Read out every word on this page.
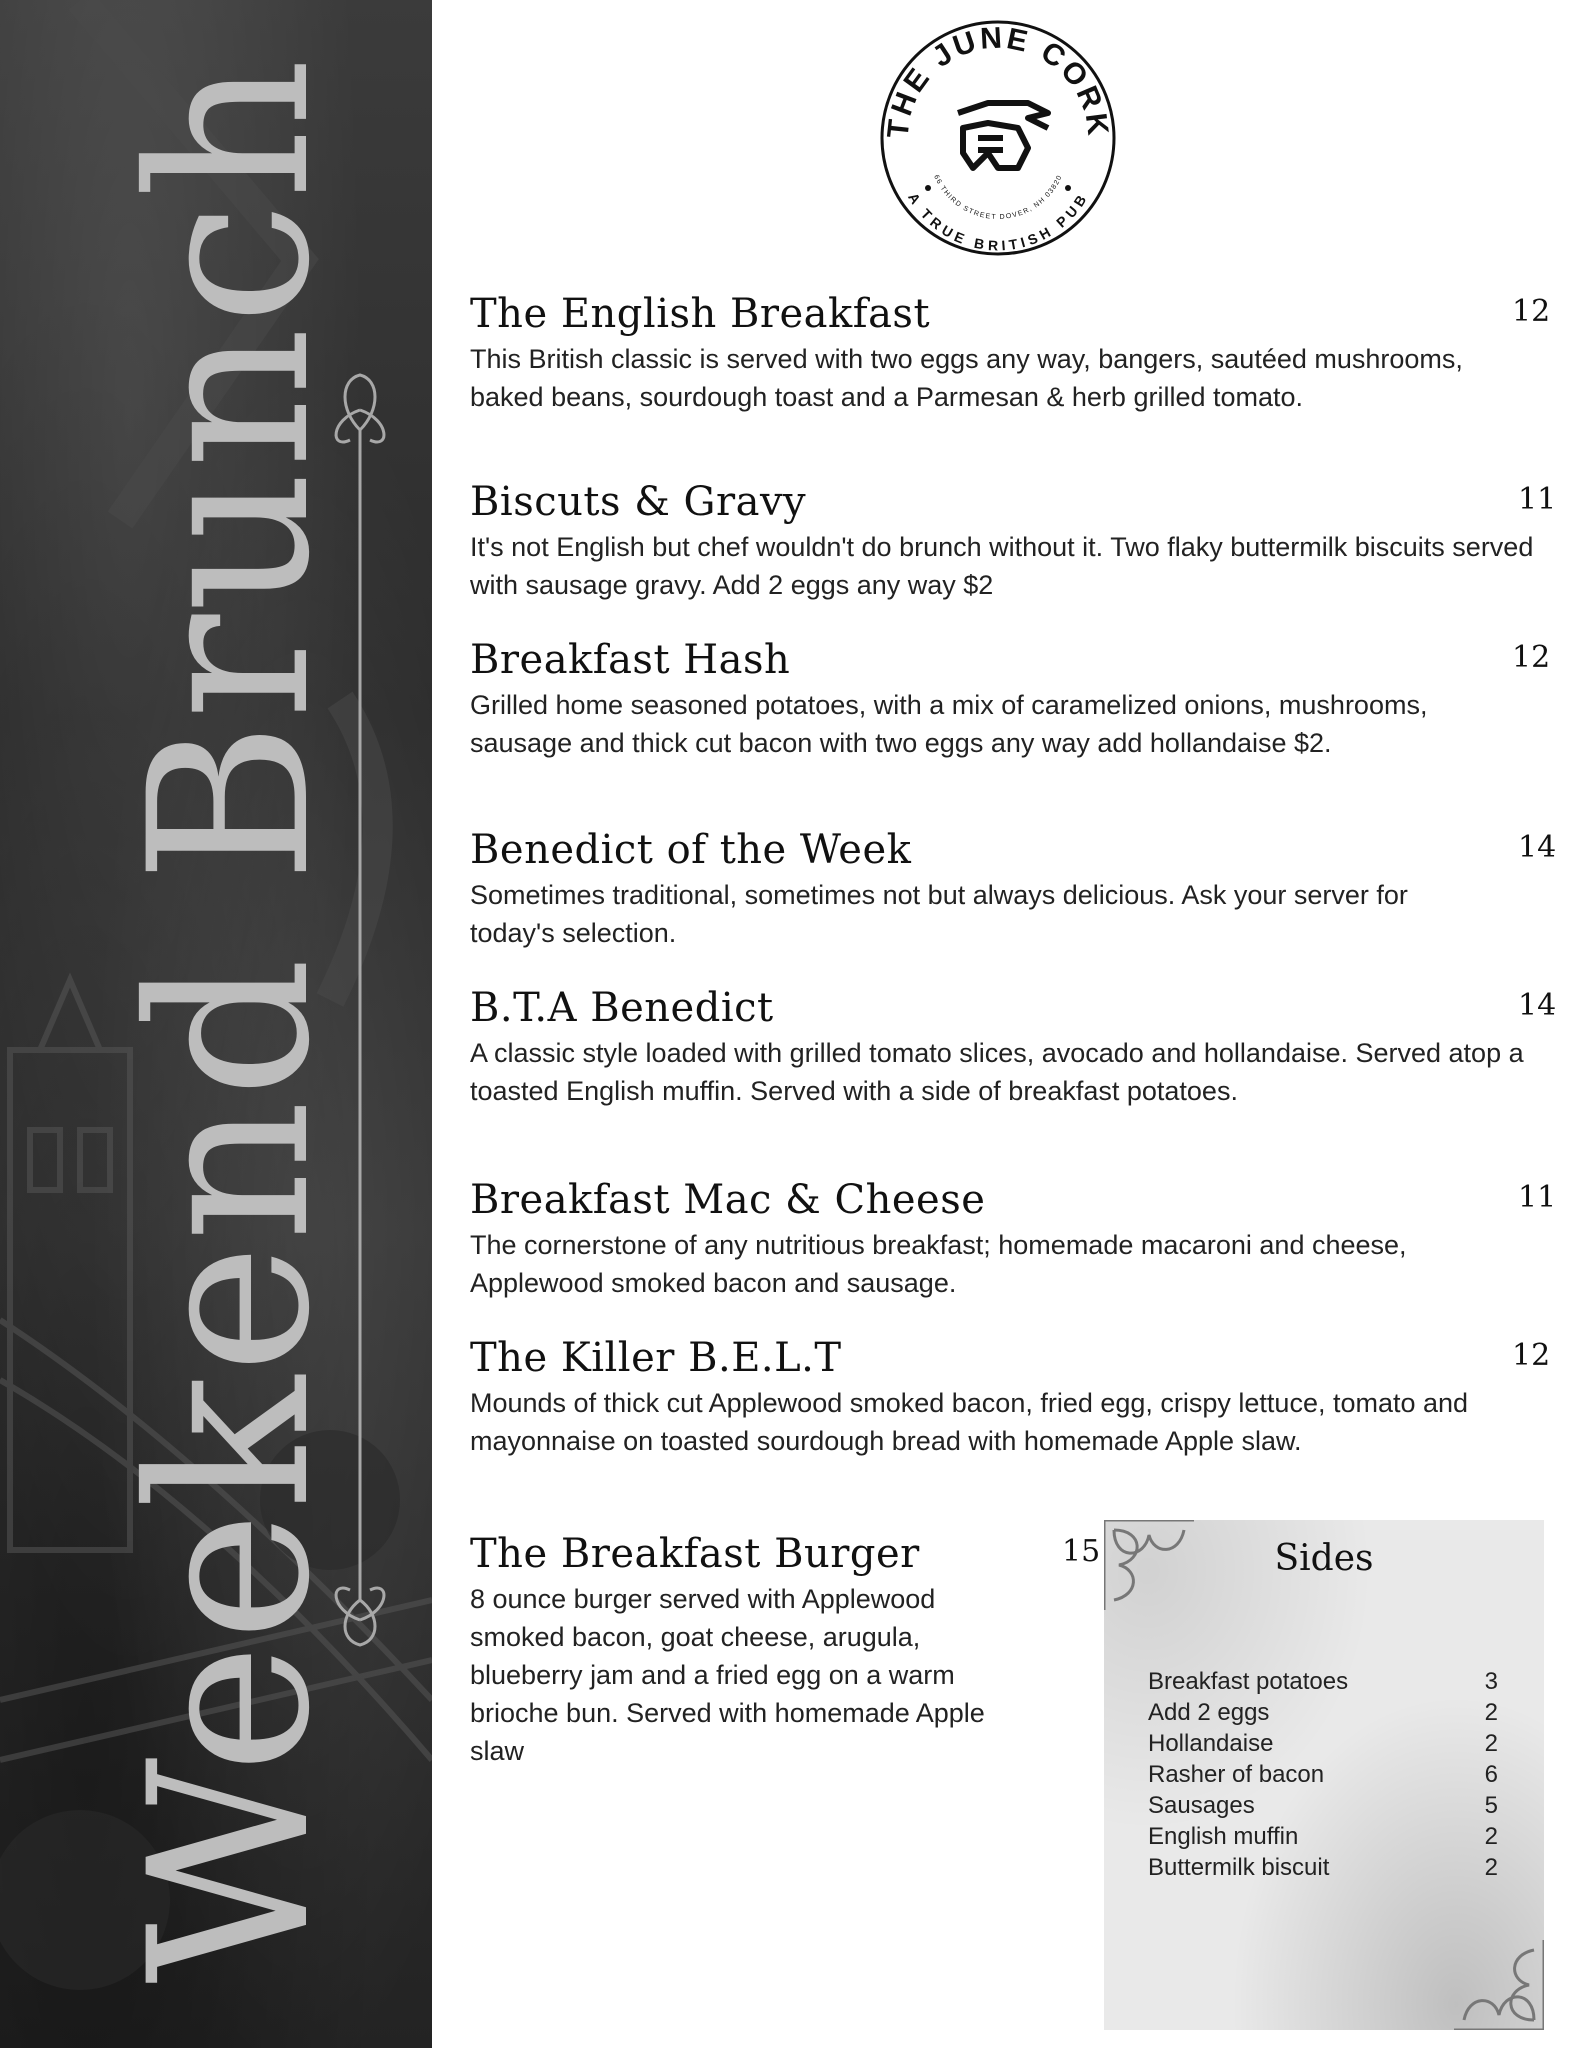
Weekend Brunch	THE JUNE CORK
A TRUE BRITISH PUB
66 THIRD STREET DOVER, NH 03820
The English Breakfast	12
This British classic is served with two eggs any way, bangers, sautéed mushrooms, baked beans, sourdough toast and a Parmesan & herb grilled tomato.
Biscuts & Gravy	11
It's not English but chef wouldn't do brunch without it. Two flaky buttermilk biscuits served with sausage gravy. Add 2 eggs any way $2
Breakfast Hash	12
Grilled home seasoned potatoes, with a mix of caramelized onions, mushrooms, sausage and thick cut bacon with two eggs any way add hollandaise $2.
Benedict of the Week	14
Sometimes traditional, sometimes not but always delicious. Ask your server for today's selection.
B.T.A Benedict	14
A classic style loaded with grilled tomato slices, avocado and hollandaise. Served atop a toasted English muffin. Served with a side of breakfast potatoes.
Breakfast Mac & Cheese	11
The cornerstone of any nutritious breakfast; homemade macaroni and cheese, Applewood smoked bacon and sausage.
The Killer B.E.L.T	12
Mounds of thick cut Applewood smoked bacon, fried egg, crispy lettuce, tomato and mayonnaise on toasted sourdough bread with homemade Apple slaw.
The Breakfast Burger	15
8 ounce burger served with Applewood smoked bacon, goat cheese, arugula, blueberry jam and a fried egg on a warm brioche bun. Served with homemade Apple slaw
Sides
Breakfast potatoes	3
Add 2 eggs	2
Hollandaise	2
Rasher of bacon	6
Sausages	5
English muffin	2
Buttermilk biscuit	2
